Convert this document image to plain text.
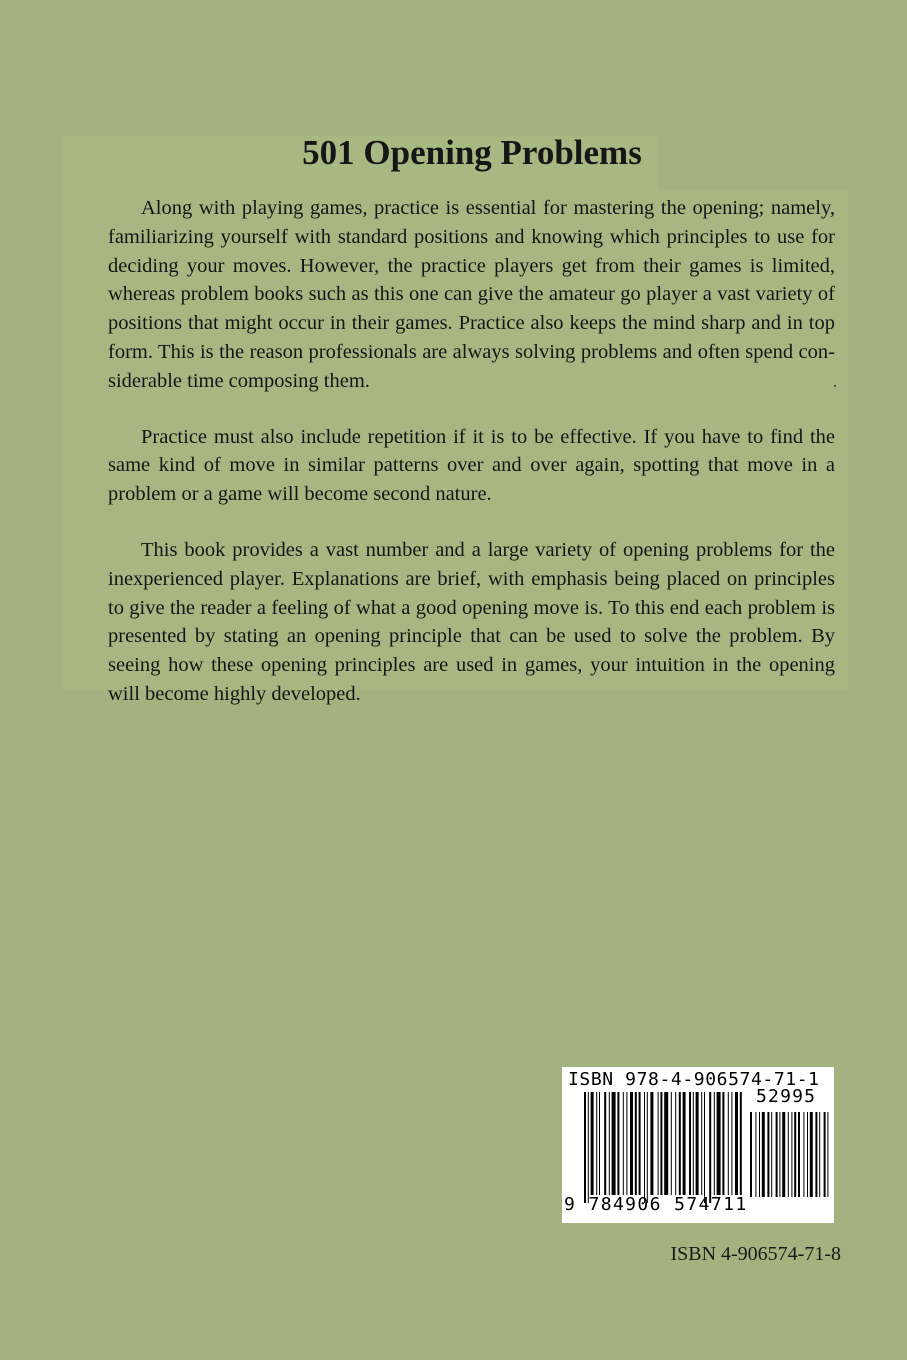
501 Opening Problems

Along with playing games, practice is essential for mastering the opening; namely, familiarizing yourself with standard positions and knowing which principles to use for deciding your moves. However, the practice players get from their games is limited, whereas problem books such as this one can give the amateur go player a vast variety of positions that might occur in their games. Practice also keeps the mind sharp and in top form. This is the reason professionals are always solving problems and often spend considerable time composing them.

Practice must also include repetition if it is to be effective. If you have to find the same kind of move in similar patterns over and over again, spotting that move in a problem or a game will become second nature.

This book provides a vast number and a large variety of opening problems for the inexperienced player. Explanations are brief, with emphasis being placed on principles to give the reader a feeling of what a good opening move is. To this end each problem is presented by stating an opening principle that can be used to solve the problem. By seeing how these opening principles are used in games, your intuition in the opening will become highly developed.

ISBN 978-4-906574-71-1
52995
9 784906 574711
ISBN 4-906574-71-8
